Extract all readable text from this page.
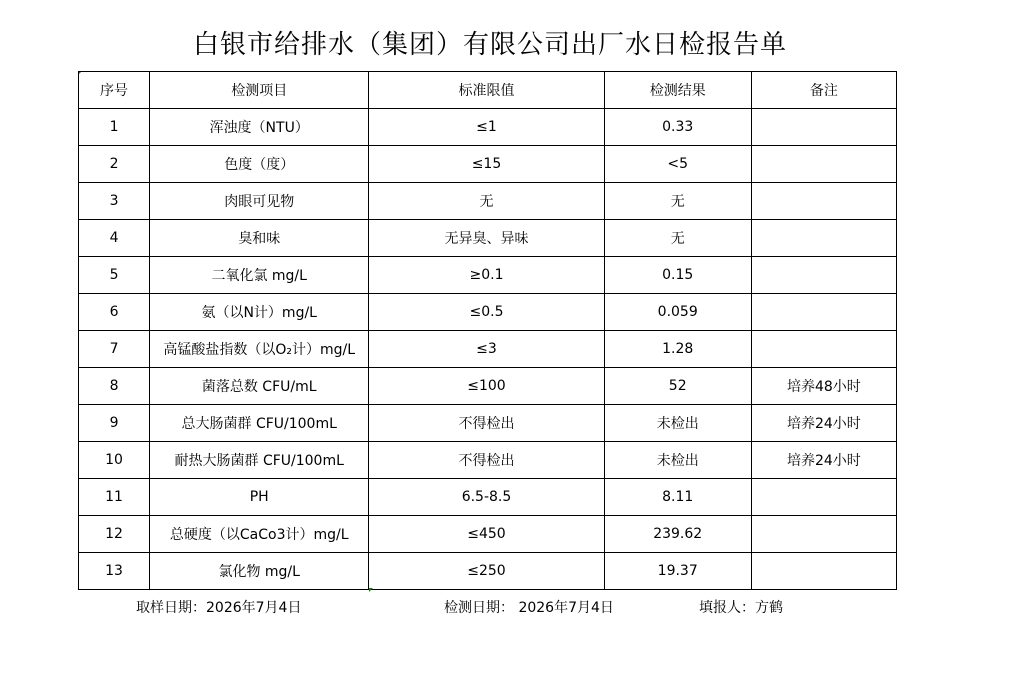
白银市给排水（集团）有限公司出厂水日检报告单
序号	检测项目	标准限值	检测结果	备注
1	浑浊度（NTU）	≤1	0.33	
2	色度（度）	≤15	<5	
3	肉眼可见物	无	无	
4	臭和味	无异臭、异味	无	
5	二氧化氯 mg/L	≥0.1	0.15	
6	氨（以N计）mg/L	≤0.5	0.059	
7	高锰酸盐指数（以O₂计）mg/L	≤3	1.28	
8	菌落总数 CFU/mL	≤100	52	培养48小时
9	总大肠菌群 CFU/100mL	不得检出	未检出	培养24小时
10	耐热大肠菌群 CFU/100mL	不得检出	未检出	培养24小时
11	PH	6.5-8.5	8.11	
12	总硬度（以CaCo3计）mg/L	≤450	239.62	
13	氯化物 mg/L	≤250	19.37	
取样日期：2026年7月4日	检测日期： 2026年7月4日	填报人：方鹤
